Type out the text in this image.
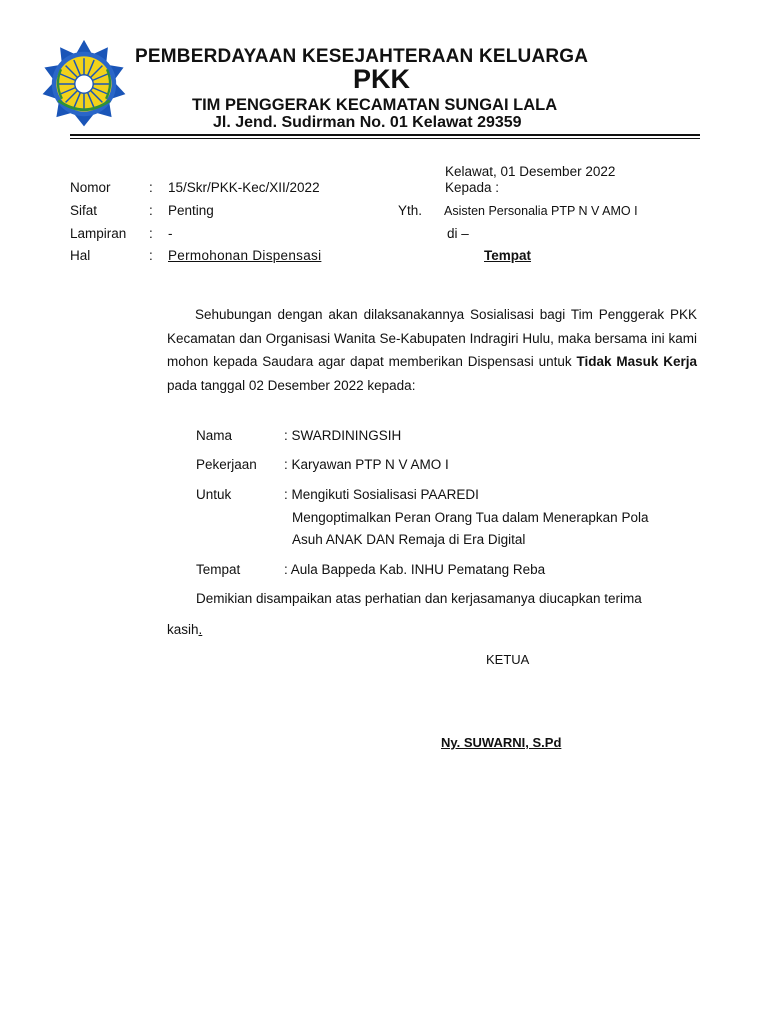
PEMBERDAYAAN KESEJAHTERAAN KELUARGA
PKK
TIM PENGGERAK KECAMATAN SUNGAI LALA
Jl. Jend. Sudirman No. 01 Kelawat 29359
Kelawat, 01 Desember 2022
Kepada :
Yth. Asisten Personalia PTP N V AMO I
di –
Tempat
Nomor	: 15/Skr/PKK-Kec/XII/2022
Sifat	: Penting
Lampiran : -
Hal	: Permohonan Dispensasi

Sehubungan dengan akan dilaksanakannya Sosialisasi bagi Tim Penggerak PKK Kecamatan dan Organisasi Wanita Se-Kabupaten Indragiri Hulu, maka bersama ini kami mohon kepada Saudara agar dapat memberikan Dispensasi untuk Tidak Masuk Kerja pada tanggal 02 Desember 2022 kepada:

Nama	: SWARDININGSIH
Pekerjaan : Karyawan PTP N V AMO I
Untuk	: Mengikuti Sosialisasi PAAREDI
Mengoptimalkan Peran Orang Tua dalam Menerapkan Pola
Asuh ANAK DAN Remaja di Era Digital
Tempat	: Aula Bappeda Kab. INHU Pematang Reba
Demikian disampaikan atas perhatian dan kerjasamanya diucapkan terima
kasih.
KETUA
Ny. SUWARNI, S.Pd
